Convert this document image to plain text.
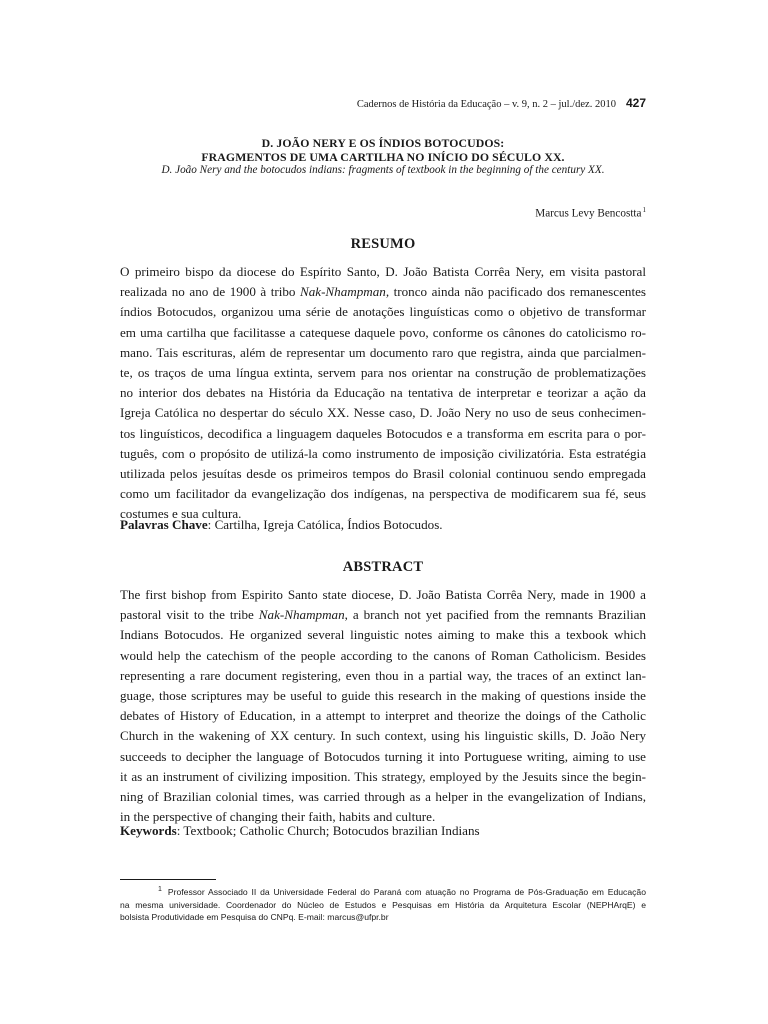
Cadernos de História da Educação – v. 9, n. 2 – jul./dez. 2010 427
D. JOÃO NERY E OS ÍNDIOS BOTOCUDOS:
FRAGMENTOS DE UMA CARTILHA NO INÍCIO DO SÉCULO XX.
D. João Nery and the botocudos indians: fragments of textbook in the beginning of the century XX.
Marcus Levy Bencostta$^1$
RESUMO
O primeiro bispo da diocese do Espírito Santo, D. João Batista Corrêa Nery, em visita pastoral
realizada no ano de 1900 à tribo Nak-Nhampman, tronco ainda não pacificado dos remanescentes
índios Botocudos, organizou uma série de anotações linguísticas como o objetivo de transformar
em uma cartilha que facilitasse a catequese daquele povo, conforme os cânones do catolicismo ro-
mano. Tais escrituras, além de representar um documento raro que registra, ainda que parcialmen-
te, os traços de uma língua extinta, servem para nos orientar na construção de problematizações
no interior dos debates na História da Educação na tentativa de interpretar e teorizar a ação da
Igreja Católica no despertar do século XX. Nesse caso, D. João Nery no uso de seus conhecimen-
tos linguísticos, decodifica a linguagem daqueles Botocudos e a transforma em escrita para o por-
tuguês, com o propósito de utilizá-la como instrumento de imposição civilizatória. Esta estratégia
utilizada pelos jesuítas desde os primeiros tempos do Brasil colonial continuou sendo empregada
como um facilitador da evangelização dos indígenas, na perspectiva de modificarem sua fé, seus
costumes e sua cultura.
Palavras Chave: Cartilha, Igreja Católica, Índios Botocudos.
ABSTRACT
The first bishop from Espirito Santo state diocese, D. João Batista Corrêa Nery, made in 1900 a
pastoral visit to the tribe Nak-Nhampman, a branch not yet pacified from the remnants Brazilian
Indians Botocudos. He organized several linguistic notes aiming to make this a texbook which
would help the catechism of the people according to the canons of Roman Catholicism. Besides
representing a rare document registering, even thou in a partial way, the traces of an extinct lan-
guage, those scriptures may be useful to guide this research in the making of questions inside the
debates of History of Education, in a attempt to interpret and theorize the doings of the Catholic
Church in the wakening of XX century. In such context, using his linguistic skills, D. João Nery
succeeds to decipher the language of Botocudos turning it into Portuguese writing, aiming to use
it as an instrument of civilizing imposition. This strategy, employed by the Jesuits since the begin-
ning of Brazilian colonial times, was carried through as a helper in the evangelization of Indians,
in the perspective of changing their faith, habits and culture.
Keywords: Textbook; Catholic Church; Botocudos brazilian Indians
$^1$ Professor Associado II da Universidade Federal do Paraná com atuação no Programa de Pós-Graduação em Educação
na mesma universidade. Coordenador do Núcleo de Estudos e Pesquisas em História da Arquitetura Escolar (NEPHArqE) e
bolsista Produtividade em Pesquisa do CNPq. E-mail: marcus@ufpr.br
